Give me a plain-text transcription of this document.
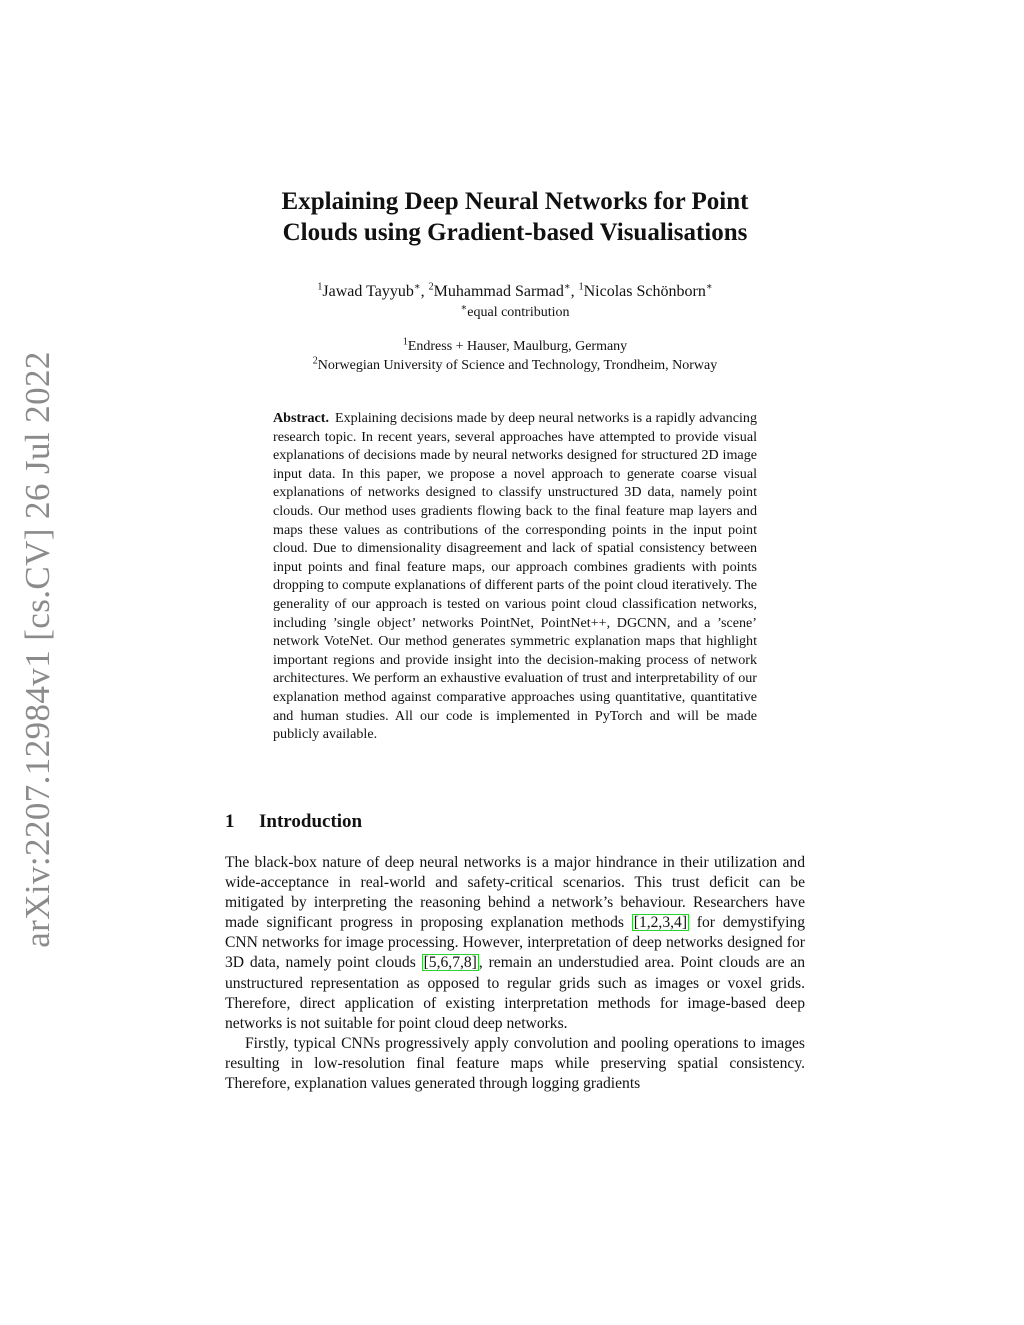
arXiv:2207.12984v1 [cs.CV] 26 Jul 2022
Explaining Deep Neural Networks for Point
Clouds using Gradient-based Visualisations
$^1$Jawad Tayyub∗, $^2$Muhammad Sarmad∗, $^1$Nicolas Schönborn∗
∗equal contribution
$^1$Endress + Hauser, Maulburg, Germany
$^2$Norwegian University of Science and Technology, Trondheim, Norway
Abstract. Explaining decisions made by deep neural networks is a rapidly advancing research topic. In recent years, several approaches have attempted to provide visual explanations of decisions made by neural networks designed for structured 2D image input data. In this paper, we propose a novel approach to generate coarse visual explanations of networks designed to classify unstructured 3D data, namely point clouds. Our method uses gradients flowing back to the final feature map layers and maps these values as contributions of the corresponding points in the input point cloud. Due to dimensionality disagreement and lack of spatial consistency between input points and final feature maps, our approach combines gradients with points dropping to compute explanations of different parts of the point cloud iteratively. The generality of our approach is tested on various point cloud classification networks, including ’single object’ networks PointNet, PointNet++, DGCNN, and a ’scene’ network VoteNet. Our method generates symmetric explanation maps that highlight important regions and provide insight into the decision-making process of network architectures. We perform an exhaustive evaluation of trust and interpretability of our explanation method against comparative approaches using quantitative, quantitative and human studies. All our code is implemented in PyTorch and will be made publicly available.
1 Introduction

The black-box nature of deep neural networks is a major hindrance in their utilization and wide-acceptance in real-world and safety-critical scenarios. This trust deficit can be mitigated by interpreting the reasoning behind a network’s behaviour. Researchers have made significant progress in proposing explanation methods [1,2,3,4] for demystifying CNN networks for image processing. However, interpretation of deep networks designed for 3D data, namely point clouds [5,6,7,8] , remain an understudied area. Point clouds are an unstructured representation as opposed to regular grids such as images or voxel grids. Therefore, direct application of existing interpretation methods for image-based deep networks is not suitable for point cloud deep networks.

Firstly, typical CNNs progressively apply convolution and pooling operations to images resulting in low-resolution final feature maps while preserving spatial consistency. Therefore, explanation values generated through logging gradients
